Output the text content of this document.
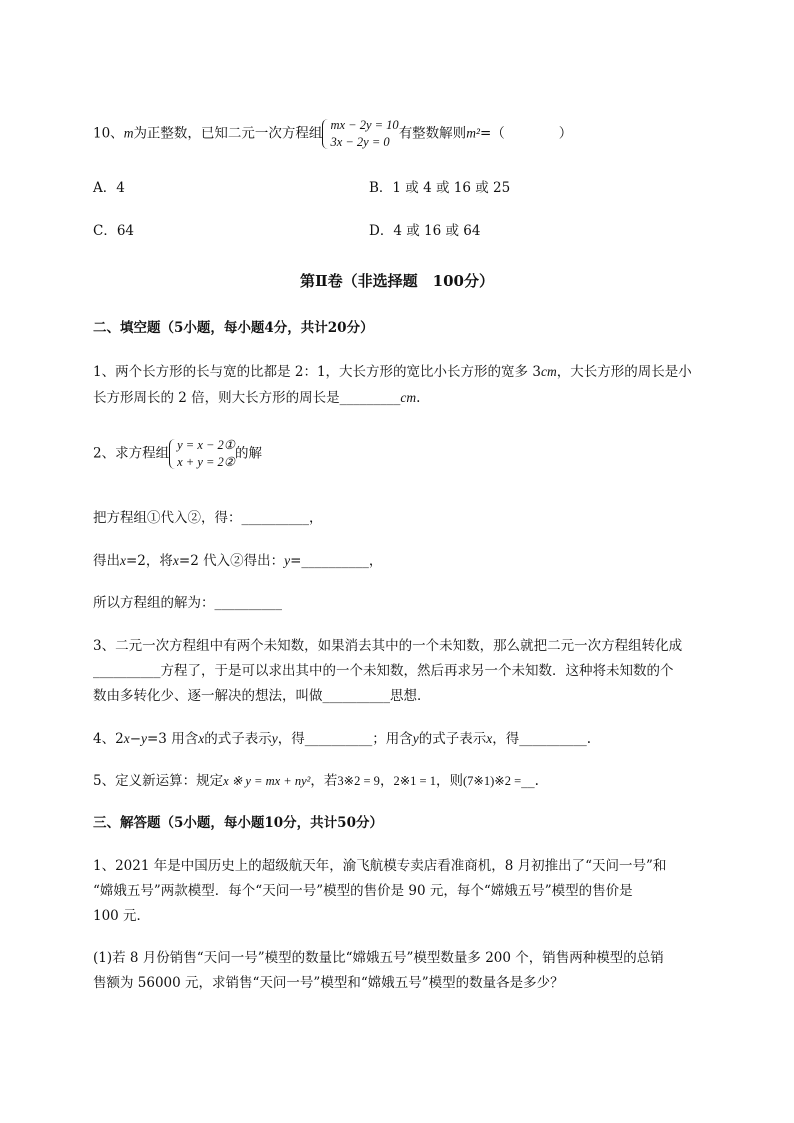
10、m为正整数，已知二元一次方程组
mx − 2y = 10
3x − 2y = 0
有整数解则m²=（　　　　）
A．4	B．1 或 4 或 16 或 25
C．64	D．4 或 16 或 64
第Ⅱ卷（非选择题　100分）
二、填空题（5小题，每小题4分，共计20分）
1、两个长方形的长与宽的比都是 2：1，大长方形的宽比小长方形的宽多 3cm，大长方形的周长是小
长方形周长的 2 倍，则大长方形的周长是_________cm.
2、求方程组
y = x − 2①
x + y = 2②
的解
把方程组①代入②，得：__________，
得出x=2，将x=2 代入②得出：y=__________，
所以方程组的解为：__________
3、二元一次方程组中有两个未知数，如果消去其中的一个未知数，那么就把二元一次方程组转化成
__________方程了，于是可以求出其中的一个未知数，然后再求另一个未知数．这种将未知数的个
数由多转化少、逐一解决的想法，叫做__________思想．
4、2x−y=3 用含x的式子表示y，得__________；用含y的式子表示x，得__________.
5、定义新运算：规定x ※ y = mx + ny²，若3※2 = 9，2※1 = 1，则(7※1)※2 =__.
三、解答题（5小题，每小题10分，共计50分）
1、2021 年是中国历史上的超级航天年，渝飞航模专卖店看准商机，8 月初推出了“天问一号”和
“嫦娥五号”两款模型．每个“天问一号”模型的售价是 90 元，每个“嫦娥五号”模型的售价是
100 元．
(1)若 8 月份销售“天问一号”模型的数量比“嫦娥五号”模型数量多 200 个，销售两种模型的总销
售额为 56000 元，求销售“天问一号”模型和“嫦娥五号”模型的数量各是多少？
